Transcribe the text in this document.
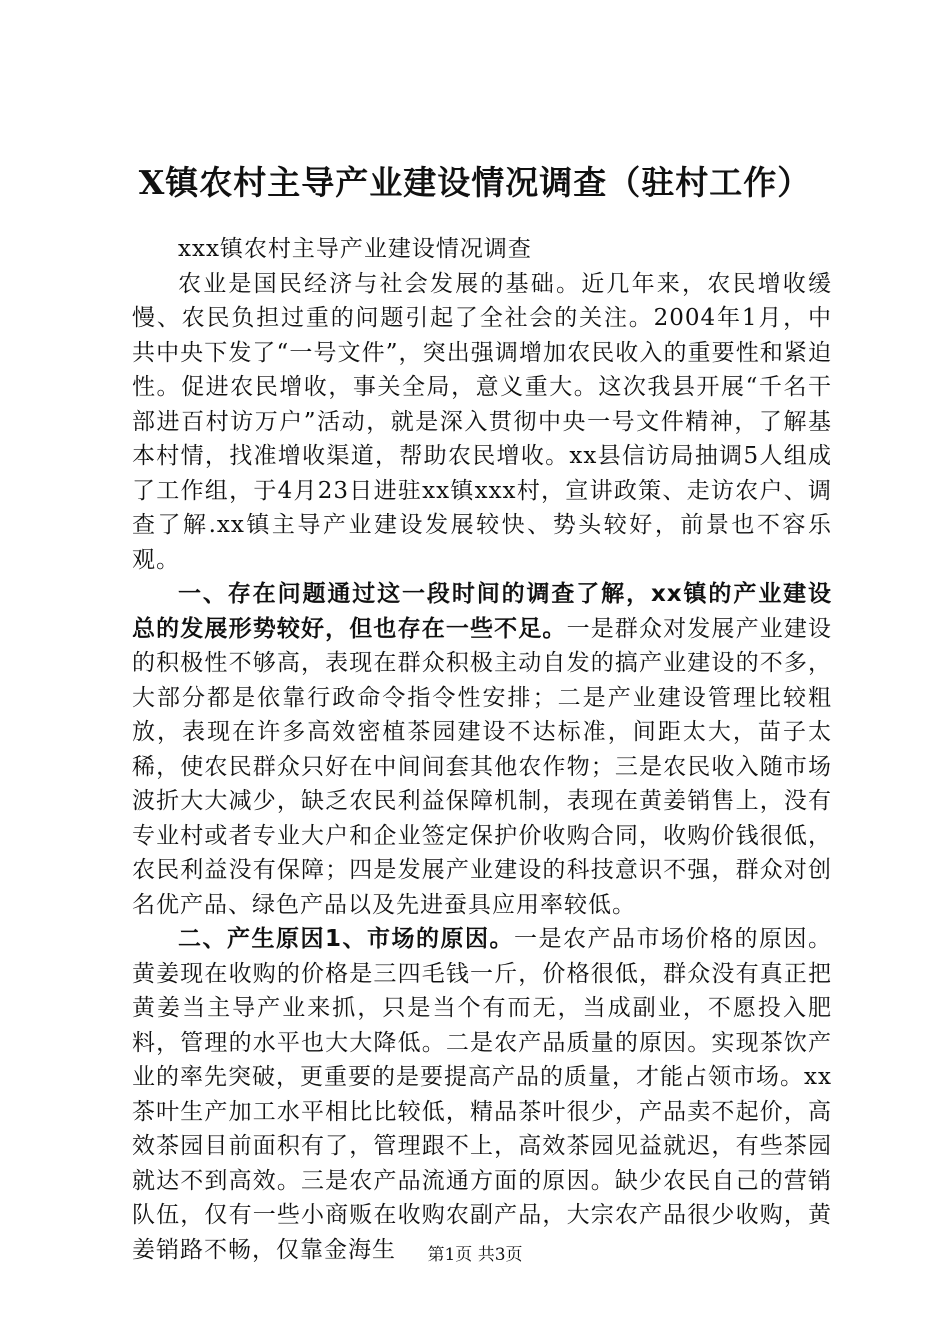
X镇农村主导产业建设情况调查（驻村工作）

xxx镇农村主导产业建设情况调查

农业是国民经济与社会发展的基础。近几年来，农民增收缓慢、农民负担过重的问题引起了全社会的关注。2004年1月，中共中央下发了“一号文件”，突出强调增加农民收入的重要性和紧迫性。促进农民增收，事关全局，意义重大。这次我县开展“千名干部进百村访万户”活动，就是深入贯彻中央一号文件精神，了解基本村情，找准增收渠道，帮助农民增收。xx县信访局抽调5人组成了工作组，于4月23日进驻xx镇xxx村，宣讲政策、走访农户、调查了解.xx镇主导产业建设发展较快、势头较好，前景也不容乐观。

一、存在问题通过这一段时间的调查了解，xx镇的产业建设总的发展形势较好，但也存在一些不足。一是群众对发展产业建设的积极性不够高，表现在群众积极主动自发的搞产业建设的不多，大部分都是依靠行政命令指令性安排；二是产业建设管理比较粗放，表现在许多高效密植茶园建设不达标准，间距太大，苗子太稀，使农民群众只好在中间间套其他农作物；三是农民收入随市场波折大大减少，缺乏农民利益保障机制，表现在黄姜销售上，没有专业村或者专业大户和企业签定保护价收购合同，收购价钱很低，农民利益没有保障；四是发展产业建设的科技意识不强，群众对创名优产品、绿色产品以及先进蚕具应用率较低。

二、产生原因1、市场的原因。一是农产品市场价格的原因。黄姜现在收购的价格是三四毛钱一斤，价格很低，群众没有真正把黄姜当主导产业来抓，只是当个有而无，当成副业，不愿投入肥料，管理的水平也大大降低。二是农产品质量的原因。实现茶饮产业的率先突破，更重要的是要提高产品的质量，才能占领市场。xx茶叶生产加工水平相比比较低，精品茶叶很少，产品卖不起价，高效茶园目前面积有了，管理跟不上，高效茶园见益就迟，有些茶园就达不到高效。三是农产品流通方面的原因。缺少农民自己的营销队伍，仅有一些小商贩在收购农副产品，大宗农产品很少收购，黄姜销路不畅，仅靠金海生	第1页 共3页
